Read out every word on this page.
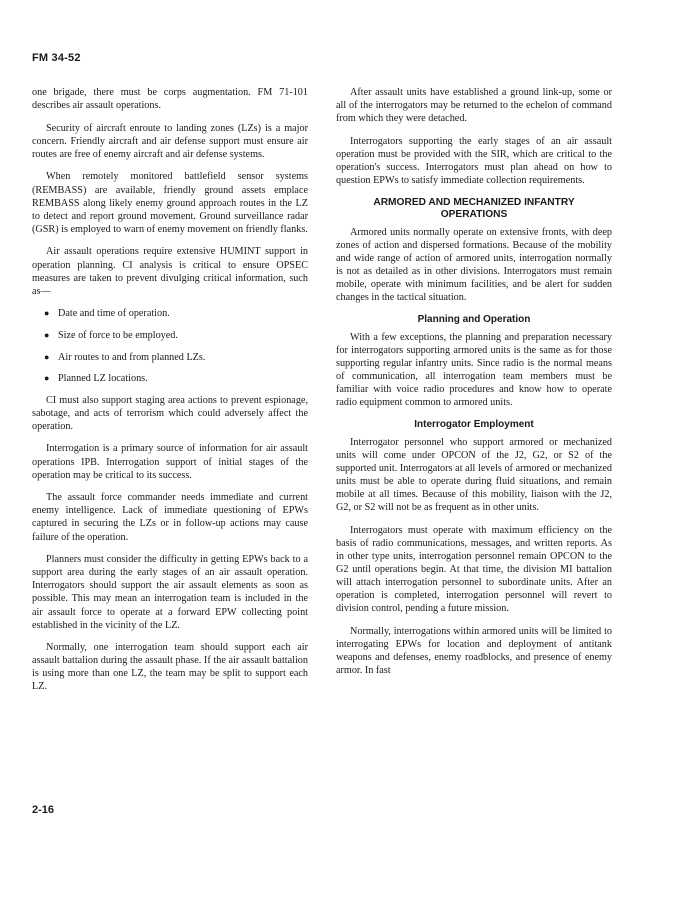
FM 34-52

one brigade, there must be corps augmentation. FM 71-101 describes air assault operations.

Security of aircraft enroute to landing zones (LZs) is a major concern. Friendly aircraft and air defense support must ensure air routes are free of enemy aircraft and air defense systems.

When remotely monitored battlefield sensor systems (REMBASS) are available, friendly ground assets emplace REMBASS along likely enemy ground approach routes in the LZ to detect and report ground movement. Ground surveillance radar (GSR) is employed to warn of enemy movement on friendly flanks.

Air assault operations require extensive HUMINT support in operation planning. CI analysis is critical to ensure OPSEC measures are taken to prevent divulging critical information, such as—

● Date and time of operation.
● Size of force to be employed.
● Air routes to and from planned LZs.
● Planned LZ locations.

CI must also support staging area actions to prevent espionage, sabotage, and acts of terrorism which could adversely affect the operation.

Interrogation is a primary source of information for air assault operations IPB. Interrogation support of initial stages of the operation may be critical to its success.

The assault force commander needs immediate and current enemy intelligence. Lack of immediate questioning of EPWs captured in securing the LZs or in follow-up actions may cause failure of the operation.

Planners must consider the difficulty in getting EPWs back to a support area during the early stages of an air assault operation. Interrogators should support the air assault elements as soon as possible. This may mean an interrogation team is included in the air assault force to operate at a forward EPW collecting point established in the vicinity of the LZ.

Normally, one interrogation team should support each air assault battalion during the assault phase. If the air assault battalion is using more than one LZ, the team may be split to support each LZ.

After assault units have established a ground link-up, some or all of the interrogators may be returned to the echelon of command from which they were detached.

Interrogators supporting the early stages of an air assault operation must be provided with the SIR, which are critical to the operation's success. Interrogators must plan ahead on how to question EPWs to satisfy immediate collection requirements.

ARMORED AND MECHANIZED INFANTRY OPERATIONS

Armored units normally operate on extensive fronts, with deep zones of action and dispersed formations. Because of the mobility and wide range of action of armored units, interrogation normally is not as detailed as in other divisions. Interrogators must remain mobile, operate with minimum facilities, and be alert for sudden changes in the tactical situation.

Planning and Operation

With a few exceptions, the planning and preparation necessary for interrogators supporting armored units is the same as for those supporting regular infantry units. Since radio is the normal means of communication, all interrogation team members must be familiar with voice radio procedures and know how to operate radio equipment common to armored units.

Interrogator Employment

Interrogator personnel who support armored or mechanized units will come under OPCON of the J2, G2, or S2 of the supported unit. Interrogators at all levels of armored or mechanized units must be able to operate during fluid situations, and remain mobile at all times. Because of this mobility, liaison with the J2, G2, or S2 will not be as frequent as in other units.

Interrogators must operate with maximum efficiency on the basis of radio communications, messages, and written reports. As in other type units, interrogation personnel remain OPCON to the G2 until operations begin. At that time, the division MI battalion will attach interrogation personnel to subordinate units. After an operation is completed, interrogation personnel will revert to division control, pending a future mission.

Normally, interrogations within armored units will be limited to interrogating EPWs for location and deployment of antitank weapons and defenses, enemy roadblocks, and presence of enemy armor. In fast

2-16
